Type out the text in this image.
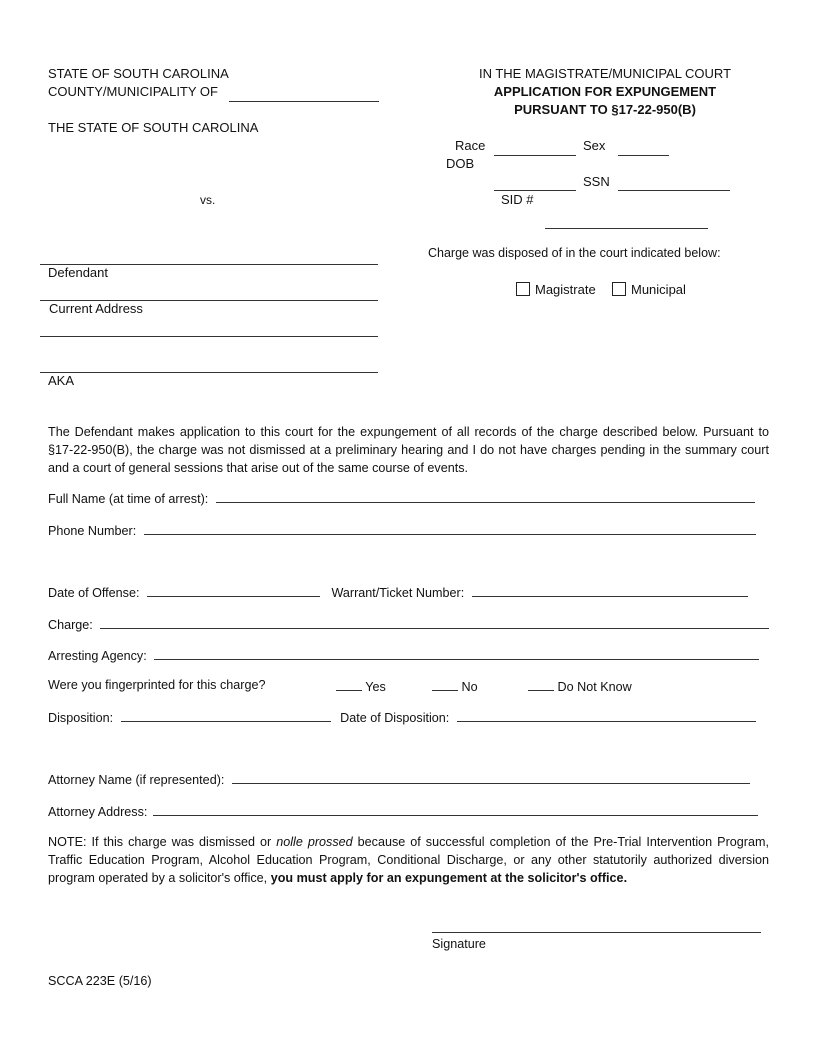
STATE OF SOUTH CAROLINA
COUNTY/MUNICIPALITY OF
THE STATE OF SOUTH CAROLINA
vs.
IN THE MAGISTRATE/MUNICIPAL COURT
APPLICATION FOR EXPUNGEMENT
PURSUANT TO §17-22-950(B)
Race	Sex
DOB
SSN
SID #
Charge was disposed of in the court indicated below:
Magistrate	Municipal
Defendant
Current Address
AKA
The Defendant makes application to this court for the expungement of all records of the charge described below. Pursuant to §17-22-950(B), the charge was not dismissed at a preliminary hearing and I do not have charges pending in the summary court and a court of general sessions that arise out of the same course of events.
Full Name (at time of arrest):
Phone Number:
Date of Offense:	Warrant/Ticket Number:
Charge:
Arresting Agency:
Were you fingerprinted for this charge?	Yes	No	Do Not Know
Disposition:	Date of Disposition:
Attorney Name (if represented):
Attorney Address:
NOTE: If this charge was dismissed or nolle prossed because of successful completion of the Pre-Trial Intervention Program, Traffic Education Program, Alcohol Education Program, Conditional Discharge, or any other statutorily authorized diversion program operated by a solicitor's office, you must apply for an expungement at the solicitor's office.
Signature
SCCA 223E (5/16)
